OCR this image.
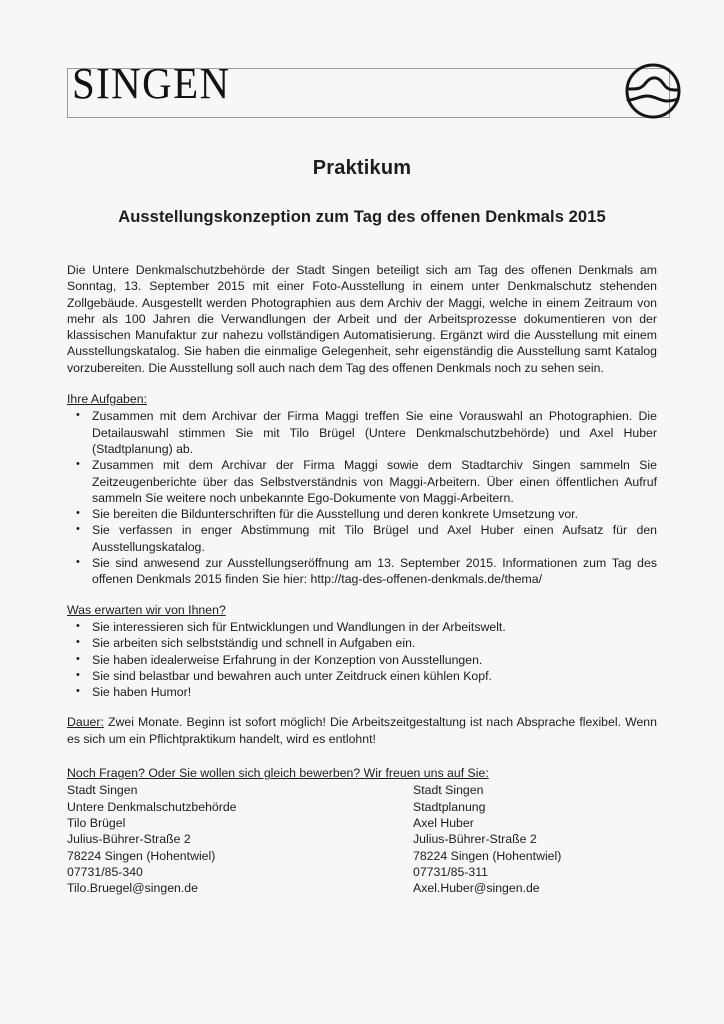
SINGEN
Praktikum
Ausstellungskonzeption zum Tag des offenen Denkmals 2015

Die Untere Denkmalschutzbehörde der Stadt Singen beteiligt sich am Tag des offenen Denkmals am Sonntag, 13. September 2015 mit einer Foto-Ausstellung in einem unter Denkmalschutz stehenden Zollgebäude. Ausgestellt werden Photographien aus dem Archiv der Maggi, welche in einem Zeitraum von mehr als 100 Jahren die Verwandlungen der Arbeit und der Arbeitsprozesse dokumentieren von der klassischen Manufaktur zur nahezu vollständigen Automatisierung. Ergänzt wird die Ausstellung mit einem Ausstellungskatalog. Sie haben die einmalige Gelegenheit, sehr eigenständig die Ausstellung samt Katalog vorzubereiten. Die Ausstellung soll auch nach dem Tag des offenen Denkmals noch zu sehen sein.

Ihre Aufgaben:
• Zusammen mit dem Archivar der Firma Maggi treffen Sie eine Vorauswahl an Photographien. Die Detailauswahl stimmen Sie mit Tilo Brügel (Untere Denkmalschutzbehörde) und Axel Huber (Stadtplanung) ab.
• Zusammen mit dem Archivar der Firma Maggi sowie dem Stadtarchiv Singen sammeln Sie Zeitzeugenberichte über das Selbstverständnis von Maggi-Arbeitern. Über einen öffentlichen Aufruf sammeln Sie weitere noch unbekannte Ego-Dokumente von Maggi-Arbeitern.
• Sie bereiten die Bildunterschriften für die Ausstellung und deren konkrete Umsetzung vor.
• Sie verfassen in enger Abstimmung mit Tilo Brügel und Axel Huber einen Aufsatz für den Ausstellungskatalog.
• Sie sind anwesend zur Ausstellungseröffnung am 13. September 2015. Informationen zum Tag des offenen Denkmals 2015 finden Sie hier: http://tag-des-offenen-denkmals.de/thema/
Was erwarten wir von Ihnen?
• Sie interessieren sich für Entwicklungen und Wandlungen in der Arbeitswelt.
• Sie arbeiten sich selbstständig und schnell in Aufgaben ein.
• Sie haben idealerweise Erfahrung in der Konzeption von Ausstellungen.
• Sie sind belastbar und bewahren auch unter Zeitdruck einen kühlen Kopf.
• Sie haben Humor!
Dauer: Zwei Monate. Beginn ist sofort möglich! Die Arbeitszeitgestaltung ist nach Absprache flexibel. Wenn es sich um ein Pflichtpraktikum handelt, wird es entlohnt!
Noch Fragen? Oder Sie wollen sich gleich bewerben? Wir freuen uns auf Sie:
Stadt Singen
Untere Denkmalschutzbehörde
Tilo Brügel
Julius-Bührer-Straße 2
78224 Singen (Hohentwiel)
07731/85-340
Tilo.Bruegel@singen.de
Stadt Singen
Stadtplanung
Axel Huber
Julius-Bührer-Straße 2
78224 Singen (Hohentwiel)
07731/85-311
Axel.Huber@singen.de
